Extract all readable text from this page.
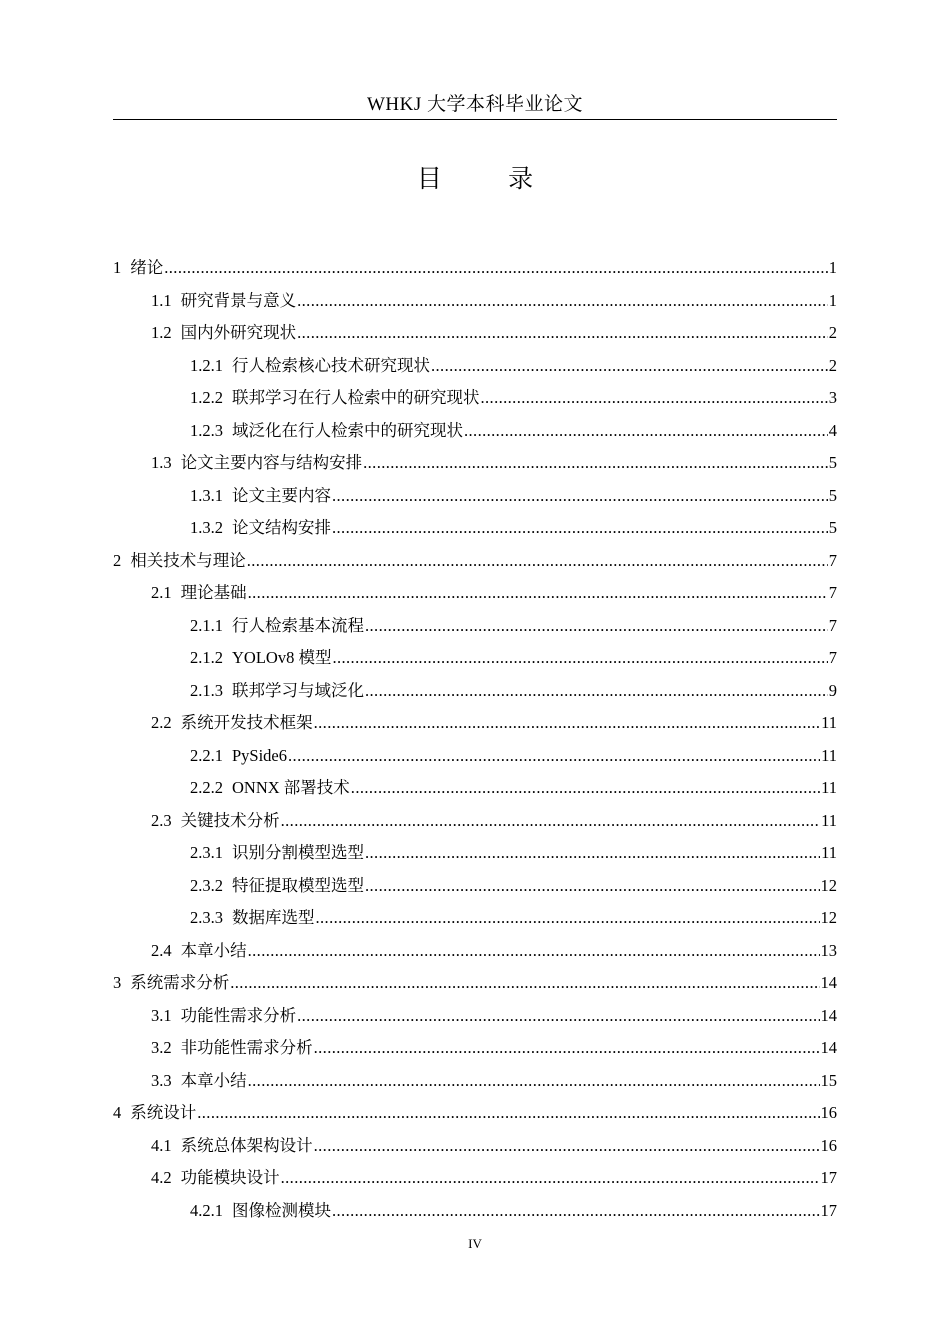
WHKJ 大学本科毕业论文
目 录
1 绪论 .....	1
1.1 研究背景与意义 .....	1
1.2 国内外研究现状 .....	2
1.2.1 行人检索核心技术研究现状 .....	2
1.2.2 联邦学习在行人检索中的研究现状 .....	3
1.2.3 域泛化在行人检索中的研究现状 .....	4
1.3 论文主要内容与结构安排 .....	5
1.3.1 论文主要内容 .....	5
1.3.2 论文结构安排 .....	5
2 相关技术与理论 .....	7
2.1 理论基础 .....	7
2.1.1 行人检索基本流程 .....	7
2.1.2 YOLOv8 模型 .....	7
2.1.3 联邦学习与域泛化 .....	9
2.2 系统开发技术框架 .....	11
2.2.1 PySide6 .....	11
2.2.2 ONNX 部署技术 .....	11
2.3 关键技术分析 .....	11
2.3.1 识别分割模型选型 .....	11
2.3.2 特征提取模型选型 .....	12
2.3.3 数据库选型 .....	12
2.4 本章小结 .....	13
3 系统需求分析 .....	14
3.1 功能性需求分析 .....	14
3.2 非功能性需求分析 .....	14
3.3 本章小结 .....	15
4 系统设计 .....	16
4.1 系统总体架构设计 .....	16
4.2 功能模块设计 .....	17
4.2.1 图像检测模块 .....	17
IV
